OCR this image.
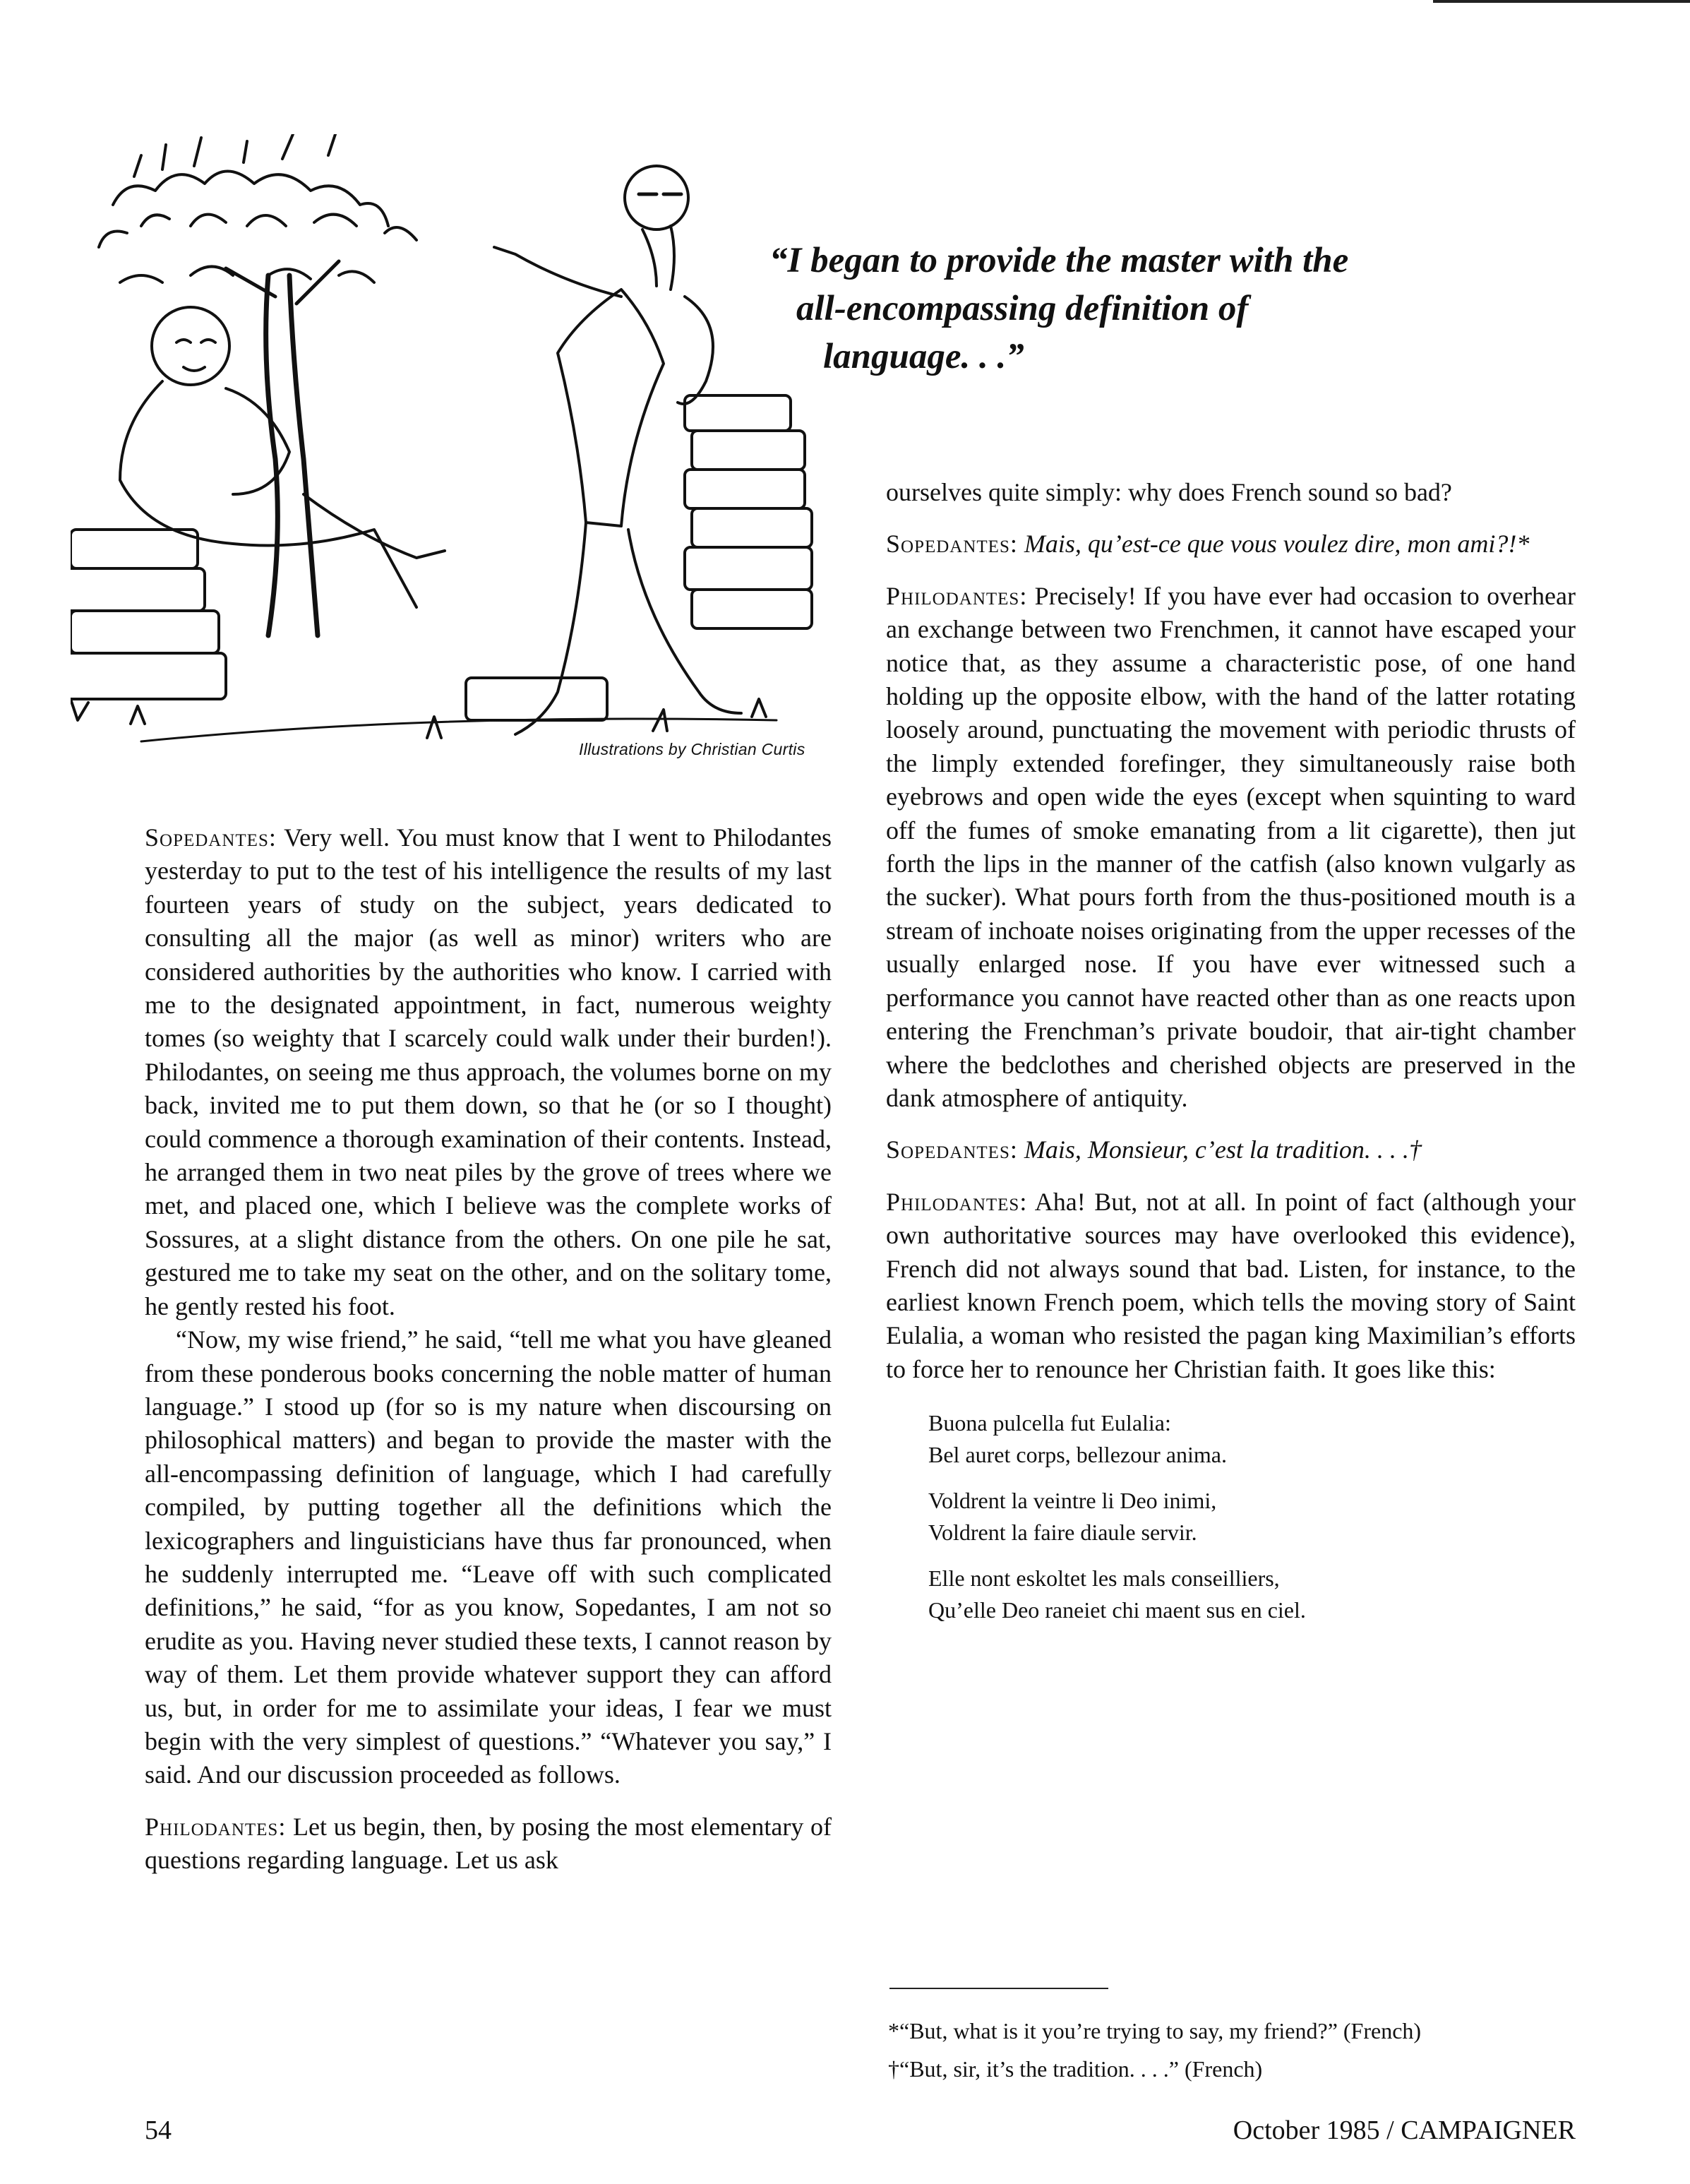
Illustrations by Christian Curtis
“I began to provide the master with the
all-encompassing definition of
language. . .”

Sopedantes: Very well. You must know that I went to Philodantes yesterday to put to the test of his intelligence the results of my last fourteen years of study on the subject, years dedicated to consulting all the major (as well as minor) writers who are considered authorities by the authorities who know. I carried with me to the designated appointment, in fact, numerous weighty tomes (so weighty that I scarcely could walk under their burden!). Philodantes, on seeing me thus approach, the volumes borne on my back, invited me to put them down, so that he (or so I thought) could commence a thorough examination of their contents. Instead, he arranged them in two neat piles by the grove of trees where we met, and placed one, which I believe was the complete works of Sossures, at a slight distance from the others. On one pile he sat, gestured me to take my seat on the other, and on the solitary tome, he gently rested his foot.

“Now, my wise friend,” he said, “tell me what you have gleaned from these ponderous books concerning the noble matter of human language.” I stood up (for so is my nature when discoursing on philosophical matters) and began to provide the master with the all-encompassing definition of language, which I had carefully compiled, by putting together all the definitions which the lexicographers and linguisticians have thus far pronounced, when he suddenly interrupted me. “Leave off with such complicated definitions,” he said, “for as you know, Sopedantes, I am not so erudite as you. Having never studied these texts, I cannot reason by way of them. Let them provide whatever support they can afford us, but, in order for me to assimilate your ideas, I fear we must begin with the very simplest of questions.” “Whatever you say,” I said. And our discussion proceeded as follows.

Philodantes: Let us begin, then, by posing the most elementary of questions regarding language. Let us ask

ourselves quite simply: why does French sound so bad?

Sopedantes: Mais, qu’est-ce que vous voulez dire, mon ami?!*

Philodantes: Precisely! If you have ever had occasion to overhear an exchange between two Frenchmen, it cannot have escaped your notice that, as they assume a characteristic pose, of one hand holding up the opposite elbow, with the hand of the latter rotating loosely around, punctuating the movement with periodic thrusts of the limply extended forefinger, they simultaneously raise both eyebrows and open wide the eyes (except when squinting to ward off the fumes of smoke emanating from a lit cigarette), then jut forth the lips in the manner of the catfish (also known vulgarly as the sucker). What pours forth from the thus-positioned mouth is a stream of inchoate noises originating from the upper recesses of the usually enlarged nose. If you have ever witnessed such a performance you cannot have reacted other than as one reacts upon entering the Frenchman’s private boudoir, that air-tight chamber where the bedclothes and cherished objects are preserved in the dank atmosphere of antiquity.

Sopedantes: Mais, Monsieur, c’est la tradition. . . .†

Philodantes: Aha! But, not at all. In point of fact (although your own authoritative sources may have overlooked this evidence), French did not always sound that bad. Listen, for instance, to the earliest known French poem, which tells the moving story of Saint Eulalia, a woman who resisted the pagan king Maximilian’s efforts to force her to renounce her Christian faith. It goes like this:

Buona pulcella fut Eulalia:
Bel auret corps, bellezour anima.
Voldrent la veintre li Deo inimi,
Voldrent la faire diaule servir.
Elle nont eskoltet les mals conseilliers,
Qu’elle Deo raneiet chi maent sus en ciel.
*“But, what is it you’re trying to say, my friend?” (French)
†“But, sir, it’s the tradition. . . .” (French)
54	October 1985 / CAMPAIGNER
